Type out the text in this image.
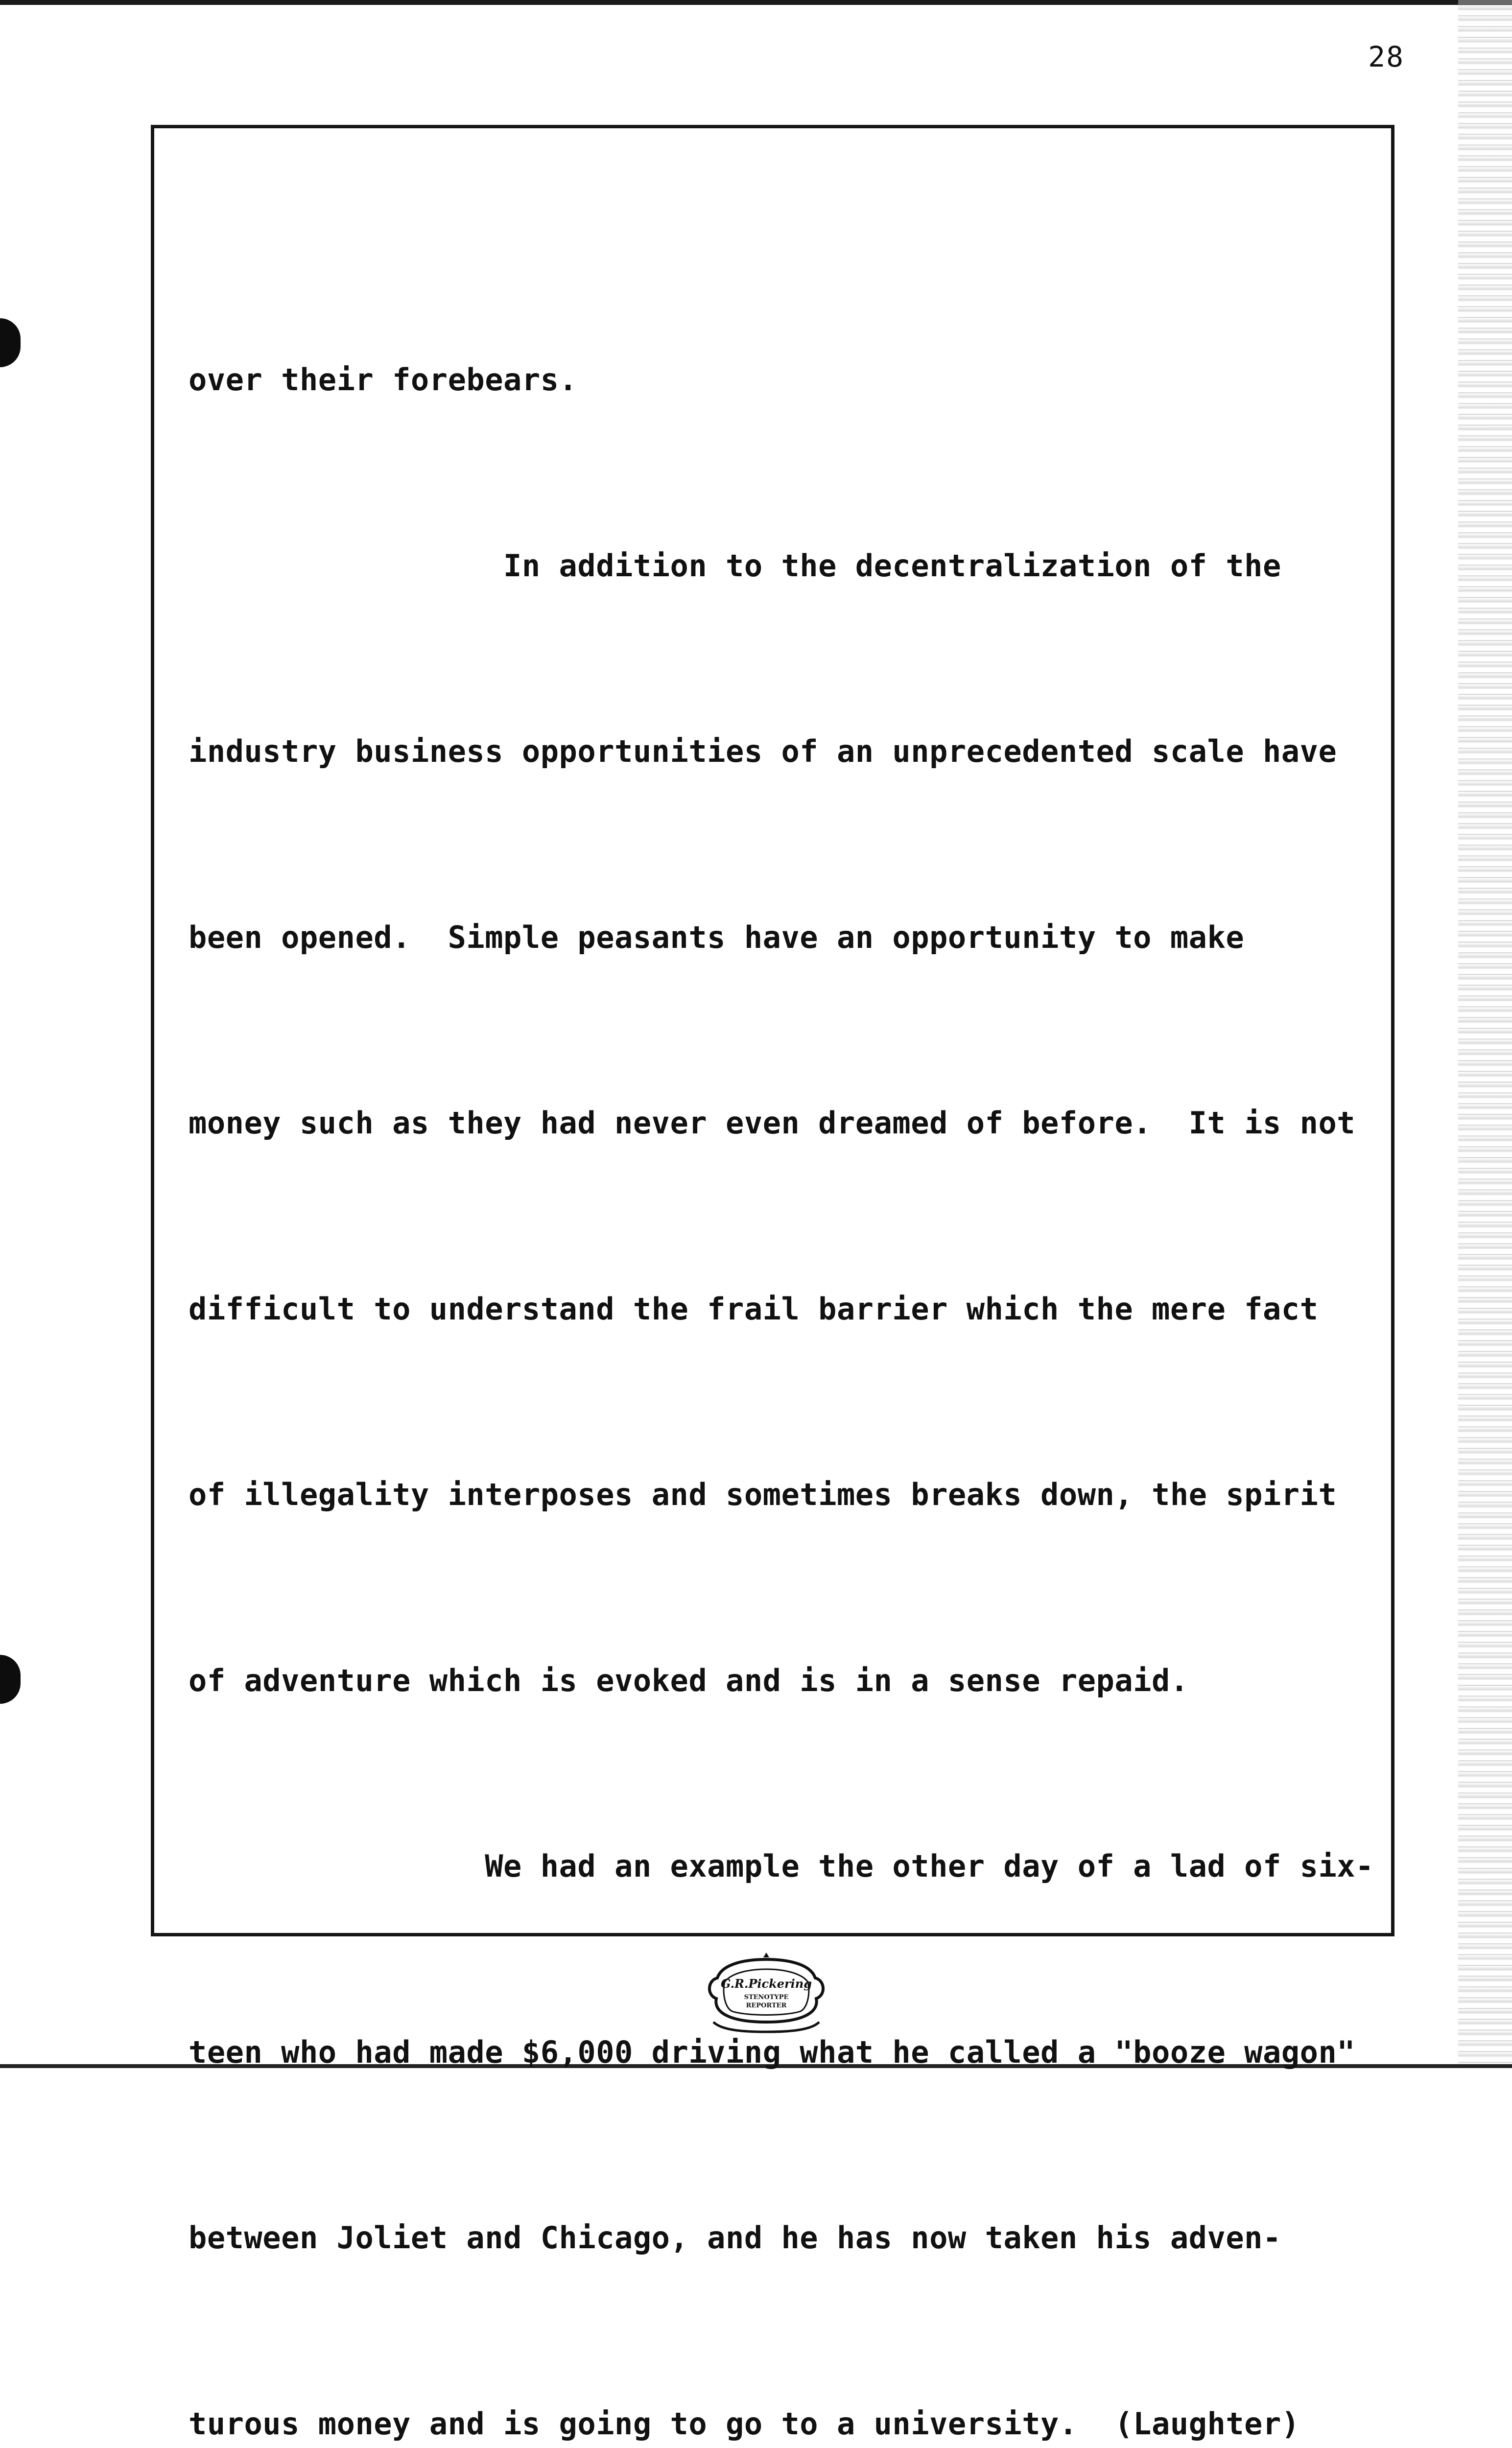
28

over their forebears.

In addition to the decentralization of the

industry business opportunities of an unprecedented scale have

been opened.  Simple peasants have an opportunity to make

money such as they had never even dreamed of before.  It is not

difficult to understand the frail barrier which the mere fact

of illegality interposes and sometimes breaks down, the spirit

of adventure which is evoked and is in a sense repaid.

We had an example the other day of a lad of six-

teen who had made $6,000 driving what he called a "booze wagon"

between Joliet and Chicago, and he has now taken his adven-

turous money and is going to go to a university.  (Laughter)

G.R.Pickering
STENOTYPE
REPORTER
